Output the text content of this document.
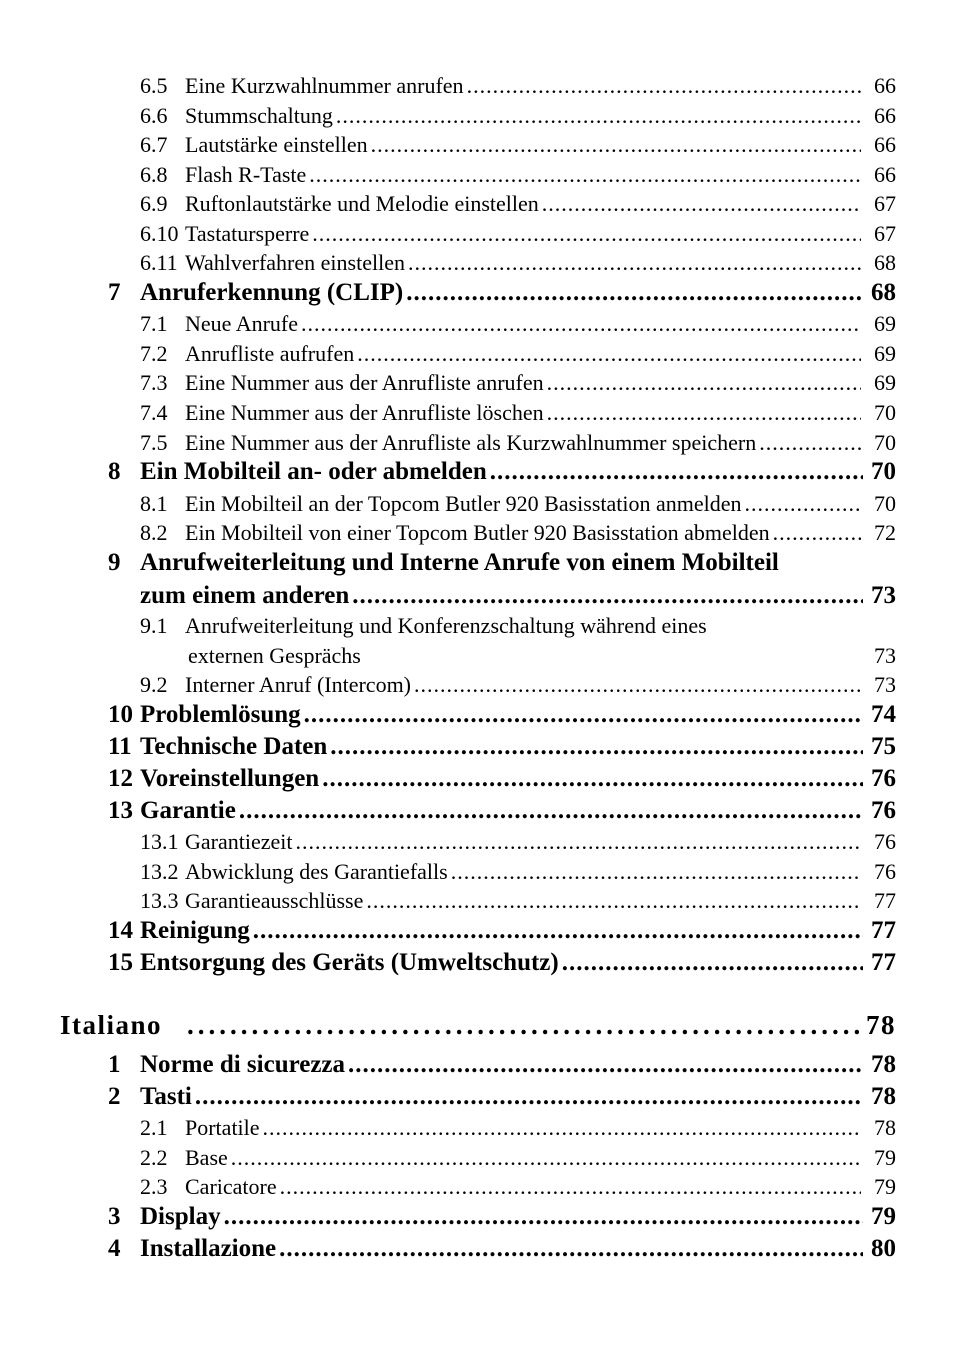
6.5 Eine Kurzwahlnummer anrufen .....	66
6.6 Stummschaltung .....	66
6.7 Lautstärke einstellen .....	66
6.8 Flash R-Taste .....	66
6.9 Ruftonlautstärke und Melodie einstellen .....	67
6.10 Tastatursperre .....	67
6.11 Wahlverfahren einstellen .....	68
7 Anruferkennung (CLIP) .....	68
7.1 Neue Anrufe .....	69
7.2 Anrufliste aufrufen .....	69
7.3 Eine Nummer aus der Anrufliste anrufen .....	69
7.4 Eine Nummer aus der Anrufliste löschen .....	70
7.5 Eine Nummer aus der Anrufliste als Kurzwahlnummer speichern .....	70
8 Ein Mobilteil an- oder abmelden .....	70
8.1 Ein Mobilteil an der Topcom Butler 920 Basisstation anmelden .....	70
8.2 Ein Mobilteil von einer Topcom Butler 920 Basisstation abmelden .....	72
9 Anrufweiterleitung und Interne Anrufe von einem Mobilteil
zum einem anderen .....	73
9.1 Anrufweiterleitung und Konferenzschaltung während eines
externen Gesprächs	73
9.2 Interner Anruf (Intercom) .....	73
10 Problemlösung .....	74
11 Technische Daten .....	75
12 Voreinstellungen .....	76
13 Garantie .....	76
13.1 Garantiezeit .....	76
13.2 Abwicklung des Garantiefalls .....	76
13.3 Garantieausschlüsse .....	77
14 Reinigung .....	77
15 Entsorgung des Geräts (Umweltschutz) .....	77
Italiano .....	78
1 Norme di sicurezza .....	78
2 Tasti .....	78
2.1 Portatile .....	78
2.2 Base .....	79
2.3 Caricatore .....	79
3 Display .....	79
4 Installazione .....	80
